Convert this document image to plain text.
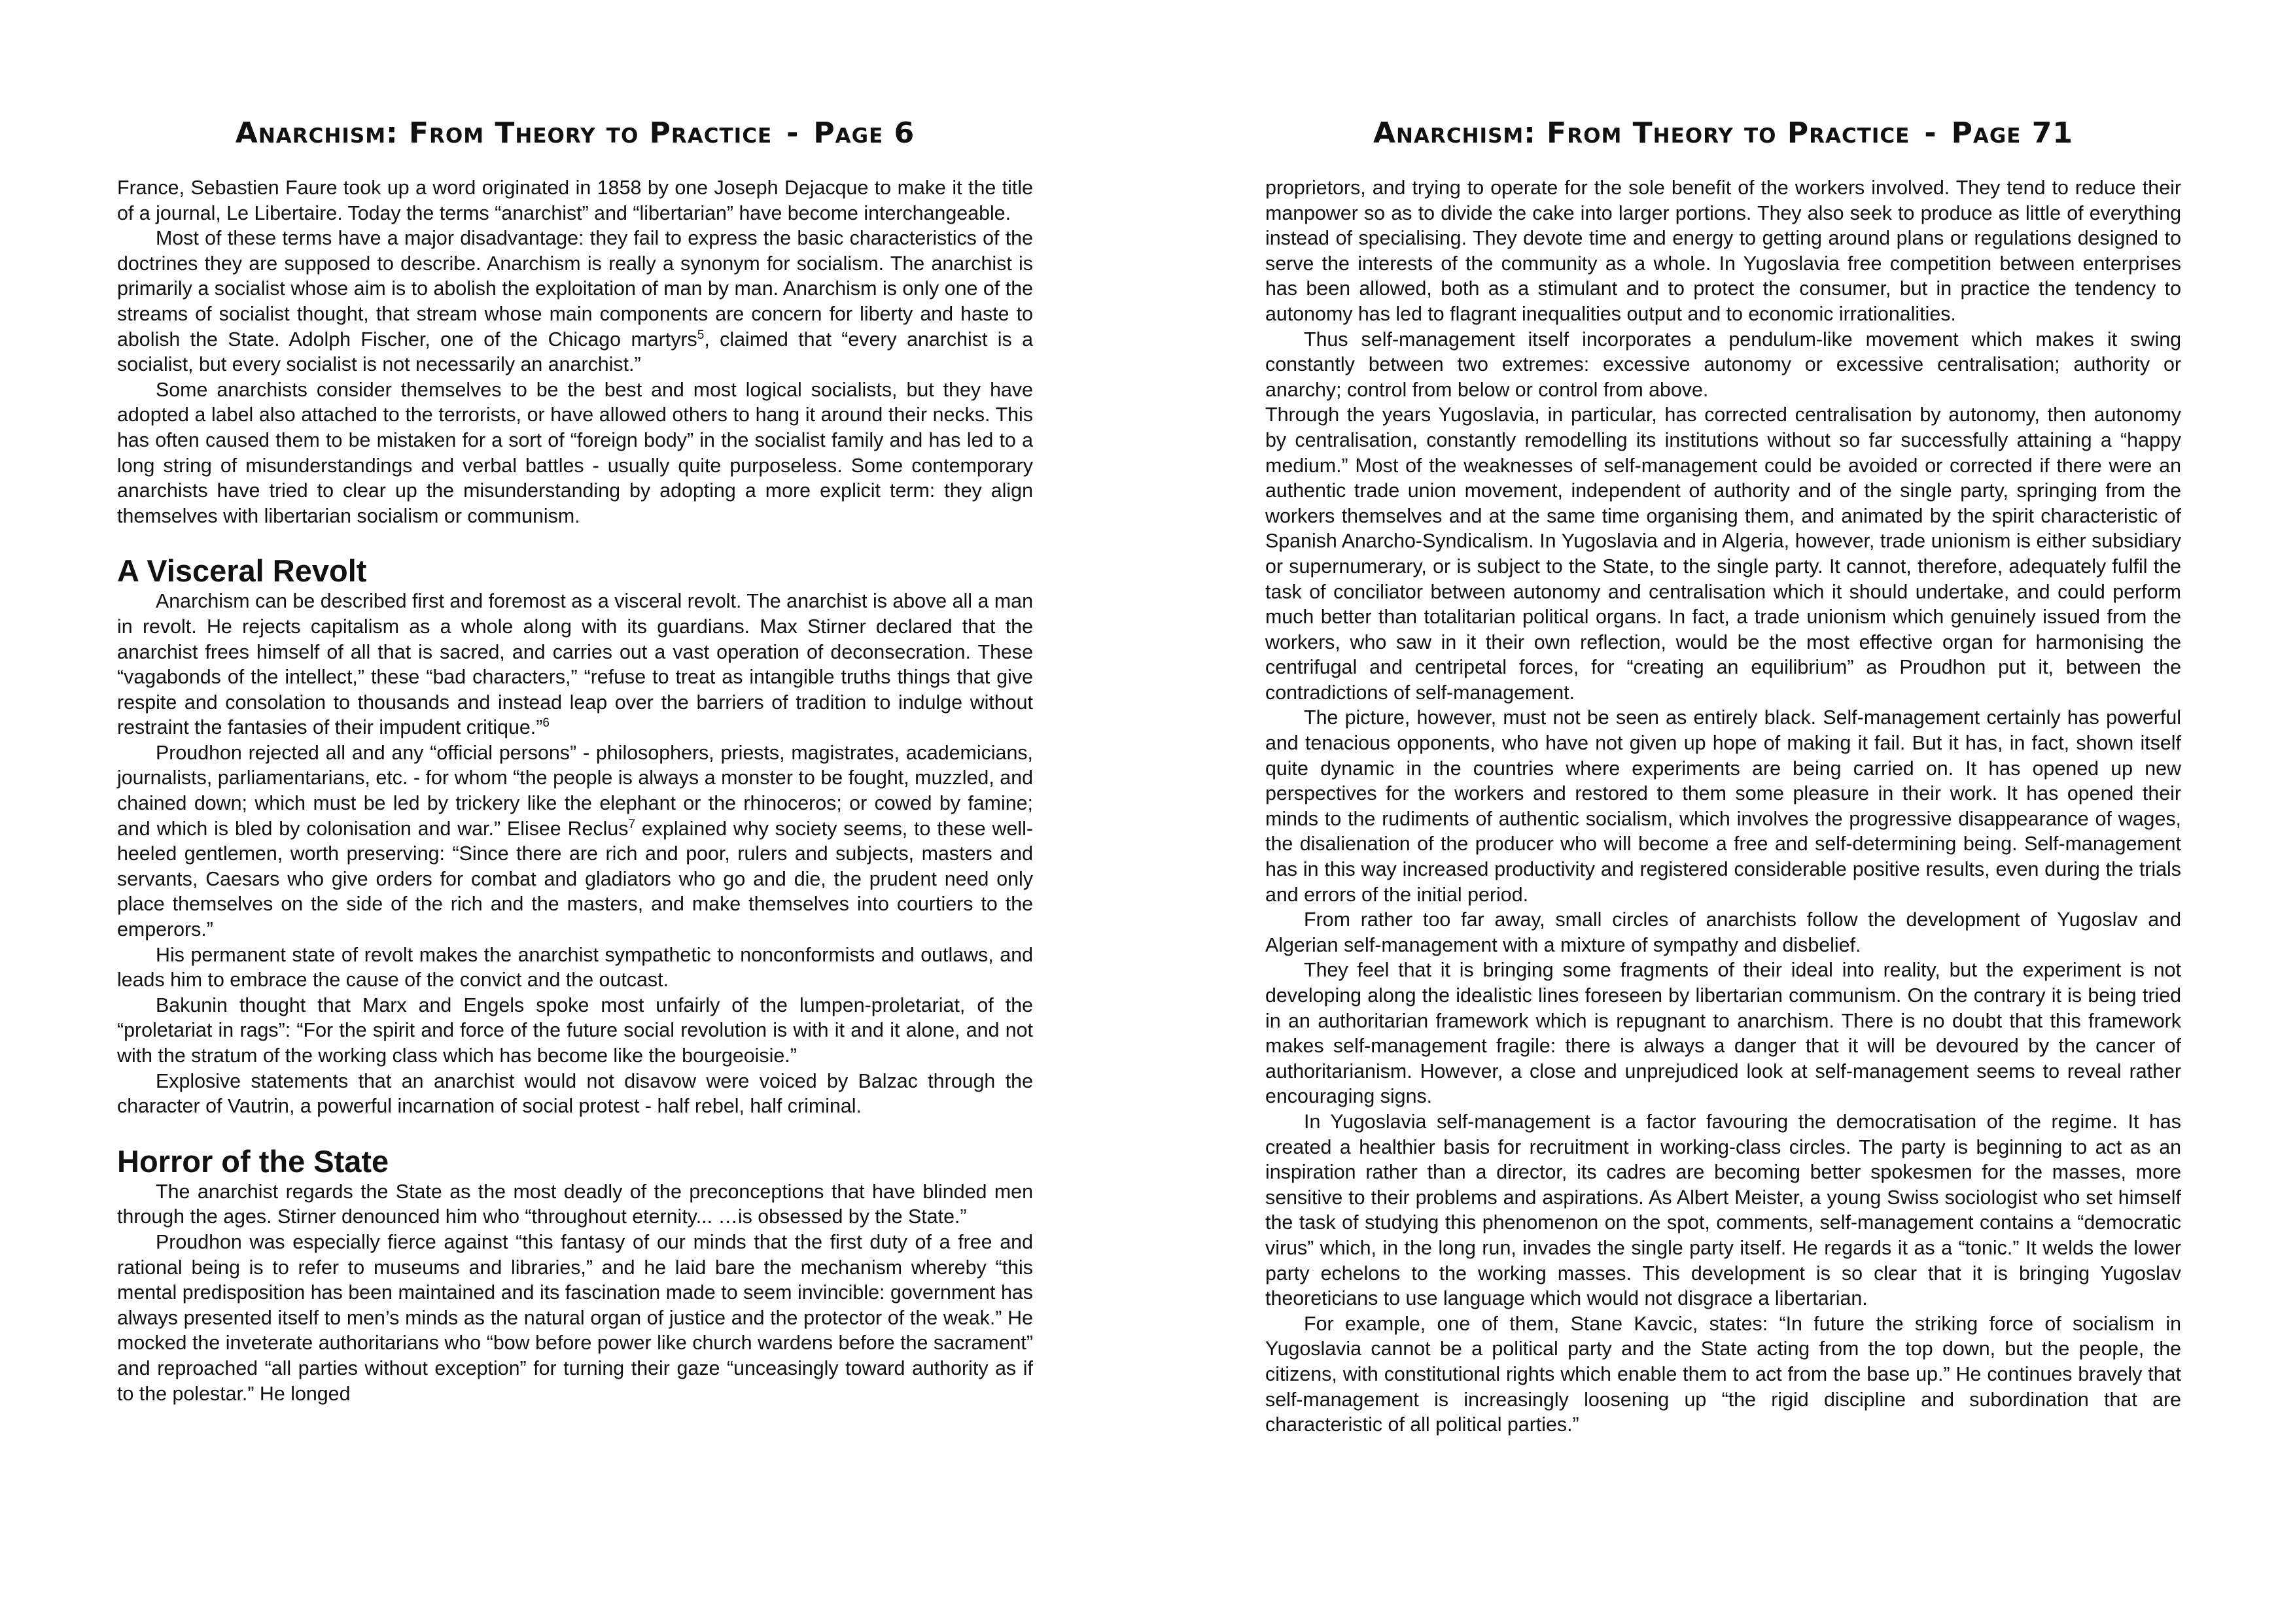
Anarchism: From Theory to Practice - Page 6

France, Sebastien Faure took up a word originated in 1858 by one Joseph Dejacque to make it the title of a journal, Le Libertaire. Today the terms “anarchist” and “libertarian” have become interchangeable.

Most of these terms have a major disadvantage: they fail to express the basic characteristics of the doctrines they are supposed to describe. Anarchism is really a synonym for socialism. The anarchist is primarily a socialist whose aim is to abolish the exploitation of man by man. Anarchism is only one of the streams of socialist thought, that stream whose main components are concern for liberty and haste to abolish the State. Adolph Fischer, one of the Chicago martyrs$^5$, claimed that “every anarchist is a socialist, but every socialist is not necessarily an anarchist.”

Some anarchists consider themselves to be the best and most logical socialists, but they have adopted a label also attached to the terrorists, or have allowed others to hang it around their necks. This has often caused them to be mistaken for a sort of “foreign body” in the socialist family and has led to a long string of misunderstandings and verbal battles - usually quite purposeless. Some contemporary anarchists have tried to clear up the misunderstanding by adopting a more explicit term: they align themselves with libertarian socialism or communism.

A Visceral Revolt

Anarchism can be described first and foremost as a visceral revolt. The anarchist is above all a man in revolt. He rejects capitalism as a whole along with its guardians. Max Stirner declared that the anarchist frees himself of all that is sacred, and carries out a vast operation of deconsecration. These “vagabonds of the intellect,” these “bad characters,” “refuse to treat as intangible truths things that give respite and consolation to thousands and instead leap over the barriers of tradition to indulge without restraint the fantasies of their impudent critique.”$^6$

Proudhon rejected all and any “official persons” - philosophers, priests, magistrates, academicians, journalists, parliamentarians, etc. - for whom “the people is always a monster to be fought, muzzled, and chained down; which must be led by trickery like the elephant or the rhinoceros; or cowed by famine; and which is bled by colonisation and war.” Elisee Reclus$^7$ explained why society seems, to these well-heeled gentlemen, worth preserving: “Since there are rich and poor, rulers and subjects, masters and servants, Caesars who give orders for combat and gladiators who go and die, the prudent need only place themselves on the side of the rich and the masters, and make themselves into courtiers to the emperors.”

His permanent state of revolt makes the anarchist sympathetic to nonconformists and outlaws, and leads him to embrace the cause of the convict and the outcast.

Bakunin thought that Marx and Engels spoke most unfairly of the lumpen-proletariat, of the “proletariat in rags”: “For the spirit and force of the future social revolution is with it and it alone, and not with the stratum of the working class which has become like the bourgeoisie.”

Explosive statements that an anarchist would not disavow were voiced by Balzac through the character of Vautrin, a powerful incarnation of social protest - half rebel, half criminal.

Horror of the State

The anarchist regards the State as the most deadly of the preconceptions that have blinded men through the ages. Stirner denounced him who “throughout eternity... …is obsessed by the State.”

Proudhon was especially fierce against “this fantasy of our minds that the first duty of a free and rational being is to refer to museums and libraries,” and he laid bare the mechanism whereby “this mental predisposition has been maintained and its fascination made to seem invincible: government has always presented itself to men’s minds as the natural organ of justice and the protector of the weak.” He mocked the inveterate authoritarians who “bow before power like church wardens before the sacrament” and reproached “all parties without exception” for turning their gaze “unceasingly toward authority as if to the polestar.” He longed

Anarchism: From Theory to Practice - Page 71

proprietors, and trying to operate for the sole benefit of the workers involved. They tend to reduce their manpower so as to divide the cake into larger portions. They also seek to produce as little of everything instead of specialising. They devote time and energy to getting around plans or regulations designed to serve the interests of the community as a whole. In Yugoslavia free competition between enterprises has been allowed, both as a stimulant and to protect the consumer, but in practice the tendency to autonomy has led to flagrant inequalities output and to economic irrationalities.

Thus self-management itself incorporates a pendulum-like movement which makes it swing constantly between two extremes: excessive autonomy or excessive centralisation; authority or anarchy; control from below or control from above.

Through the years Yugoslavia, in particular, has corrected centralisation by autonomy, then autonomy by centralisation, constantly remodelling its institutions without so far successfully attaining a “happy medium.” Most of the weaknesses of self-management could be avoided or corrected if there were an authentic trade union movement, independent of authority and of the single party, springing from the workers themselves and at the same time organising them, and animated by the spirit characteristic of Spanish Anarcho-Syndicalism. In Yugoslavia and in Algeria, however, trade unionism is either subsidiary or supernumerary, or is subject to the State, to the single party. It cannot, therefore, adequately fulfil the task of conciliator between autonomy and centralisation which it should undertake, and could perform much better than totalitarian political organs. In fact, a trade unionism which genuinely issued from the workers, who saw in it their own reflection, would be the most effective organ for harmonising the centrifugal and centripetal forces, for “creating an equilibrium” as Proudhon put it, between the contradictions of self-management.

The picture, however, must not be seen as entirely black. Self-management certainly has powerful and tenacious opponents, who have not given up hope of making it fail. But it has, in fact, shown itself quite dynamic in the countries where experiments are being carried on. It has opened up new perspectives for the workers and restored to them some pleasure in their work. It has opened their minds to the rudiments of authentic socialism, which involves the progressive disappearance of wages, the disalienation of the producer who will become a free and self-determining being. Self-management has in this way increased productivity and registered considerable positive results, even during the trials and errors of the initial period.

From rather too far away, small circles of anarchists follow the development of Yugoslav and Algerian self-management with a mixture of sympathy and disbelief.

They feel that it is bringing some fragments of their ideal into reality, but the experiment is not developing along the idealistic lines foreseen by libertarian communism. On the contrary it is being tried in an authoritarian framework which is repugnant to anarchism. There is no doubt that this framework makes self-management fragile: there is always a danger that it will be devoured by the cancer of authoritarianism. However, a close and unprejudiced look at self-management seems to reveal rather encouraging signs.

In Yugoslavia self-management is a factor favouring the democratisation of the regime. It has created a healthier basis for recruitment in working-class circles. The party is beginning to act as an inspiration rather than a director, its cadres are becoming better spokesmen for the masses, more sensitive to their problems and aspirations. As Albert Meister, a young Swiss sociologist who set himself the task of studying this phenomenon on the spot, comments, self-management contains a “democratic virus” which, in the long run, invades the single party itself. He regards it as a “tonic.” It welds the lower party echelons to the working masses. This development is so clear that it is bringing Yugoslav theoreticians to use language which would not disgrace a libertarian.

For example, one of them, Stane Kavcic, states: “In future the striking force of socialism in Yugoslavia cannot be a political party and the State acting from the top down, but the people, the citizens, with constitutional rights which enable them to act from the base up.” He continues bravely that self-management is increasingly loosening up “the rigid discipline and subordination that are characteristic of all political parties.”
